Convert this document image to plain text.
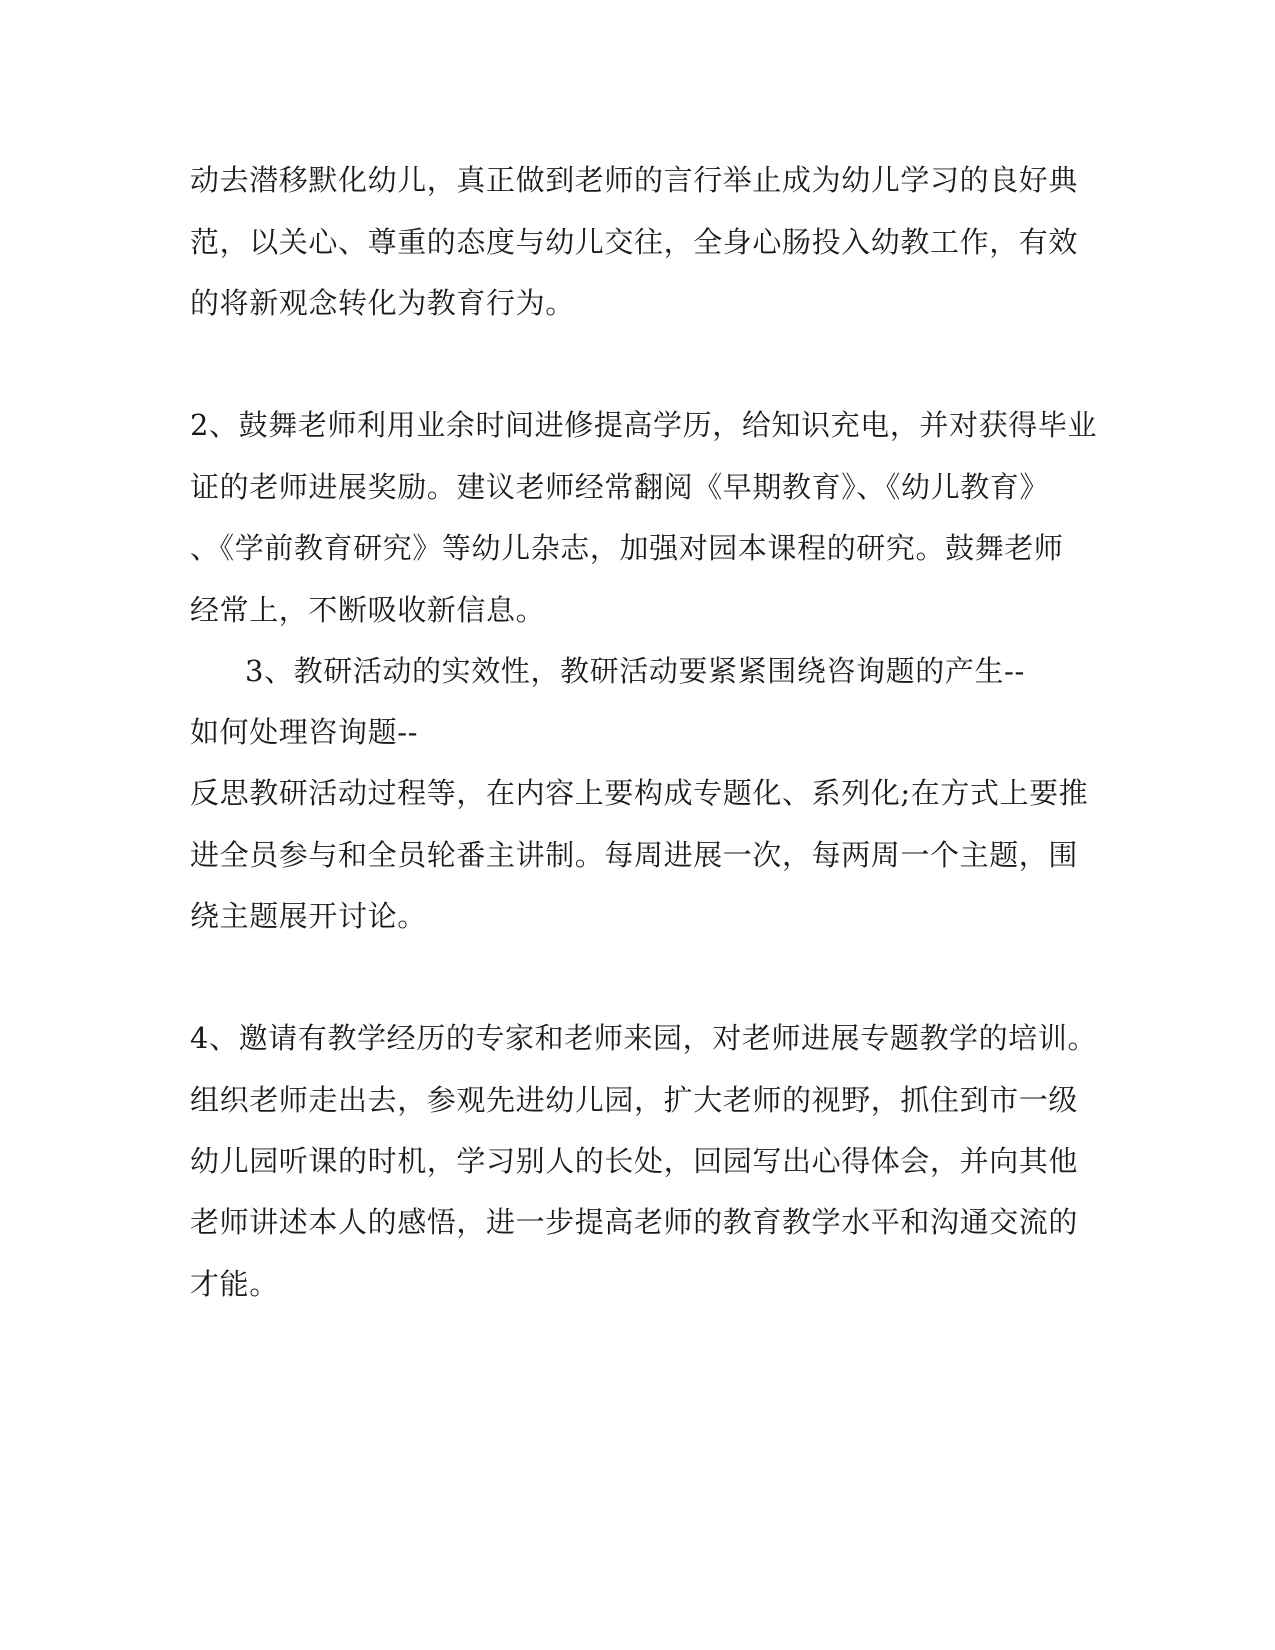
动去潜移默化幼儿，真正做到老师的言行举止成为幼儿学习的良好典
范，以关心、尊重的态度与幼儿交往，全身心肠投入幼教工作，有效
的将新观念转化为教育行为。
2、鼓舞老师利用业余时间进修提高学历，给知识充电，并对获得毕业
证的老师进展奖励。建议老师经常翻阅《早期教育》、《幼儿教育》
、《学前教育研究》等幼儿杂志，加强对园本课程的研究。鼓舞老师
经常上，不断吸收新信息。
3、教研活动的实效性，教研活动要紧紧围绕咨询题的产生--
如何处理咨询题--
反思教研活动过程等，在内容上要构成专题化、系列化;在方式上要推
进全员参与和全员轮番主讲制。每周进展一次，每两周一个主题，围
绕主题展开讨论。
4、邀请有教学经历的专家和老师来园，对老师进展专题教学的培训。
组织老师走出去，参观先进幼儿园，扩大老师的视野，抓住到市一级
幼儿园听课的时机，学习别人的长处，回园写出心得体会，并向其他
老师讲述本人的感悟，进一步提高老师的教育教学水平和沟通交流的
才能。
